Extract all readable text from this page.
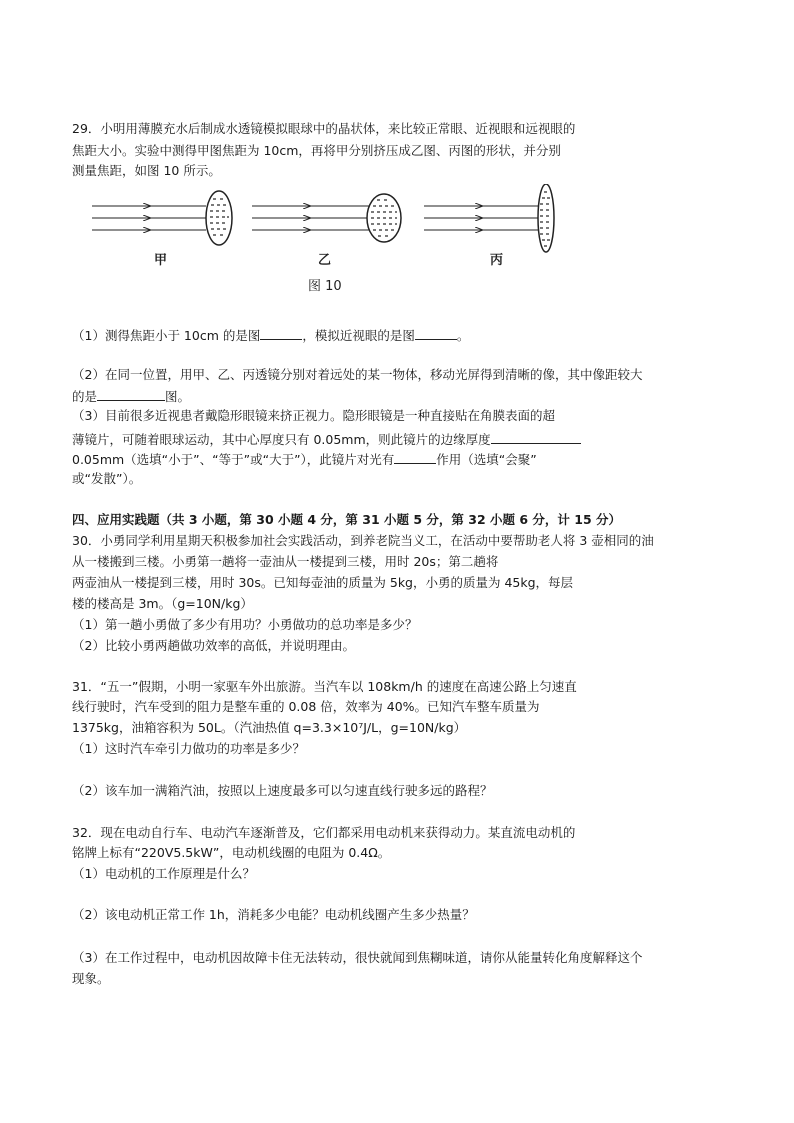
29．小明用薄膜充水后制成水透镜模拟眼球中的晶状体，来比较正常眼、近视眼和远视眼的
焦距大小。实验中测得甲图焦距为 10cm，再将甲分别挤压成乙图、丙图的形状，并分别
测量焦距，如图 10 所示。
甲	乙	丙
图 10
（1）测得焦距小于 10cm 的是图	，模拟近视眼的是图	。
（2）在同一位置，用甲、乙、丙透镜分别对着远处的某一物体，移动光屏得到清晰的像，其中像距较大
的是	图。
（3）目前很多近视患者戴隐形眼镜来挤正视力。隐形眼镜是一种直接贴在角膜表面的超
薄镜片，可随着眼球运动，其中心厚度只有 0.05mm，则此镜片的边缘厚度
0.05mm（选填“小于”、“等于”或“大于”），此镜片对光有	作用（选填“会聚”
或“发散”）。
四、应用实践题（共 3 小题，第 30 小题 4 分，第 31 小题 5 分，第 32 小题 6 分，计 15 分）
30．小勇同学利用星期天积极参加社会实践活动，到养老院当义工，在活动中要帮助老人将 3 壶相同的油
从一楼搬到三楼。小勇第一趟将一壶油从一楼提到三楼，用时 20s；第二趟将
两壶油从一楼提到三楼，用时 30s。已知每壶油的质量为 5kg，小勇的质量为 45kg，每层
楼的楼高是 3m。（g=10N/kg）
（1）第一趟小勇做了多少有用功？小勇做功的总功率是多少？
（2）比较小勇两趟做功效率的高低，并说明理由。
31．“五一”假期，小明一家驱车外出旅游。当汽车以 108km/h 的速度在高速公路上匀速直
线行驶时，汽车受到的阻力是整车重的 0.08 倍，效率为 40%。已知汽车整车质量为
1375kg，油箱容积为 50L。（汽油热值 q=3.3×10⁷J/L，g=10N/kg）
（1）这时汽车牵引力做功的功率是多少？
（2）该车加一满箱汽油，按照以上速度最多可以匀速直线行驶多远的路程？
32．现在电动自行车、电动汽车逐渐普及，它们都采用电动机来获得动力。某直流电动机的
铭牌上标有“220V5.5kW”，电动机线圈的电阻为 0.4Ω。
（1）电动机的工作原理是什么？
（2）该电动机正常工作 1h，消耗多少电能？电动机线圈产生多少热量？
（3）在工作过程中，电动机因故障卡住无法转动，很快就闻到焦糊味道，请你从能量转化角度解释这个
现象。
